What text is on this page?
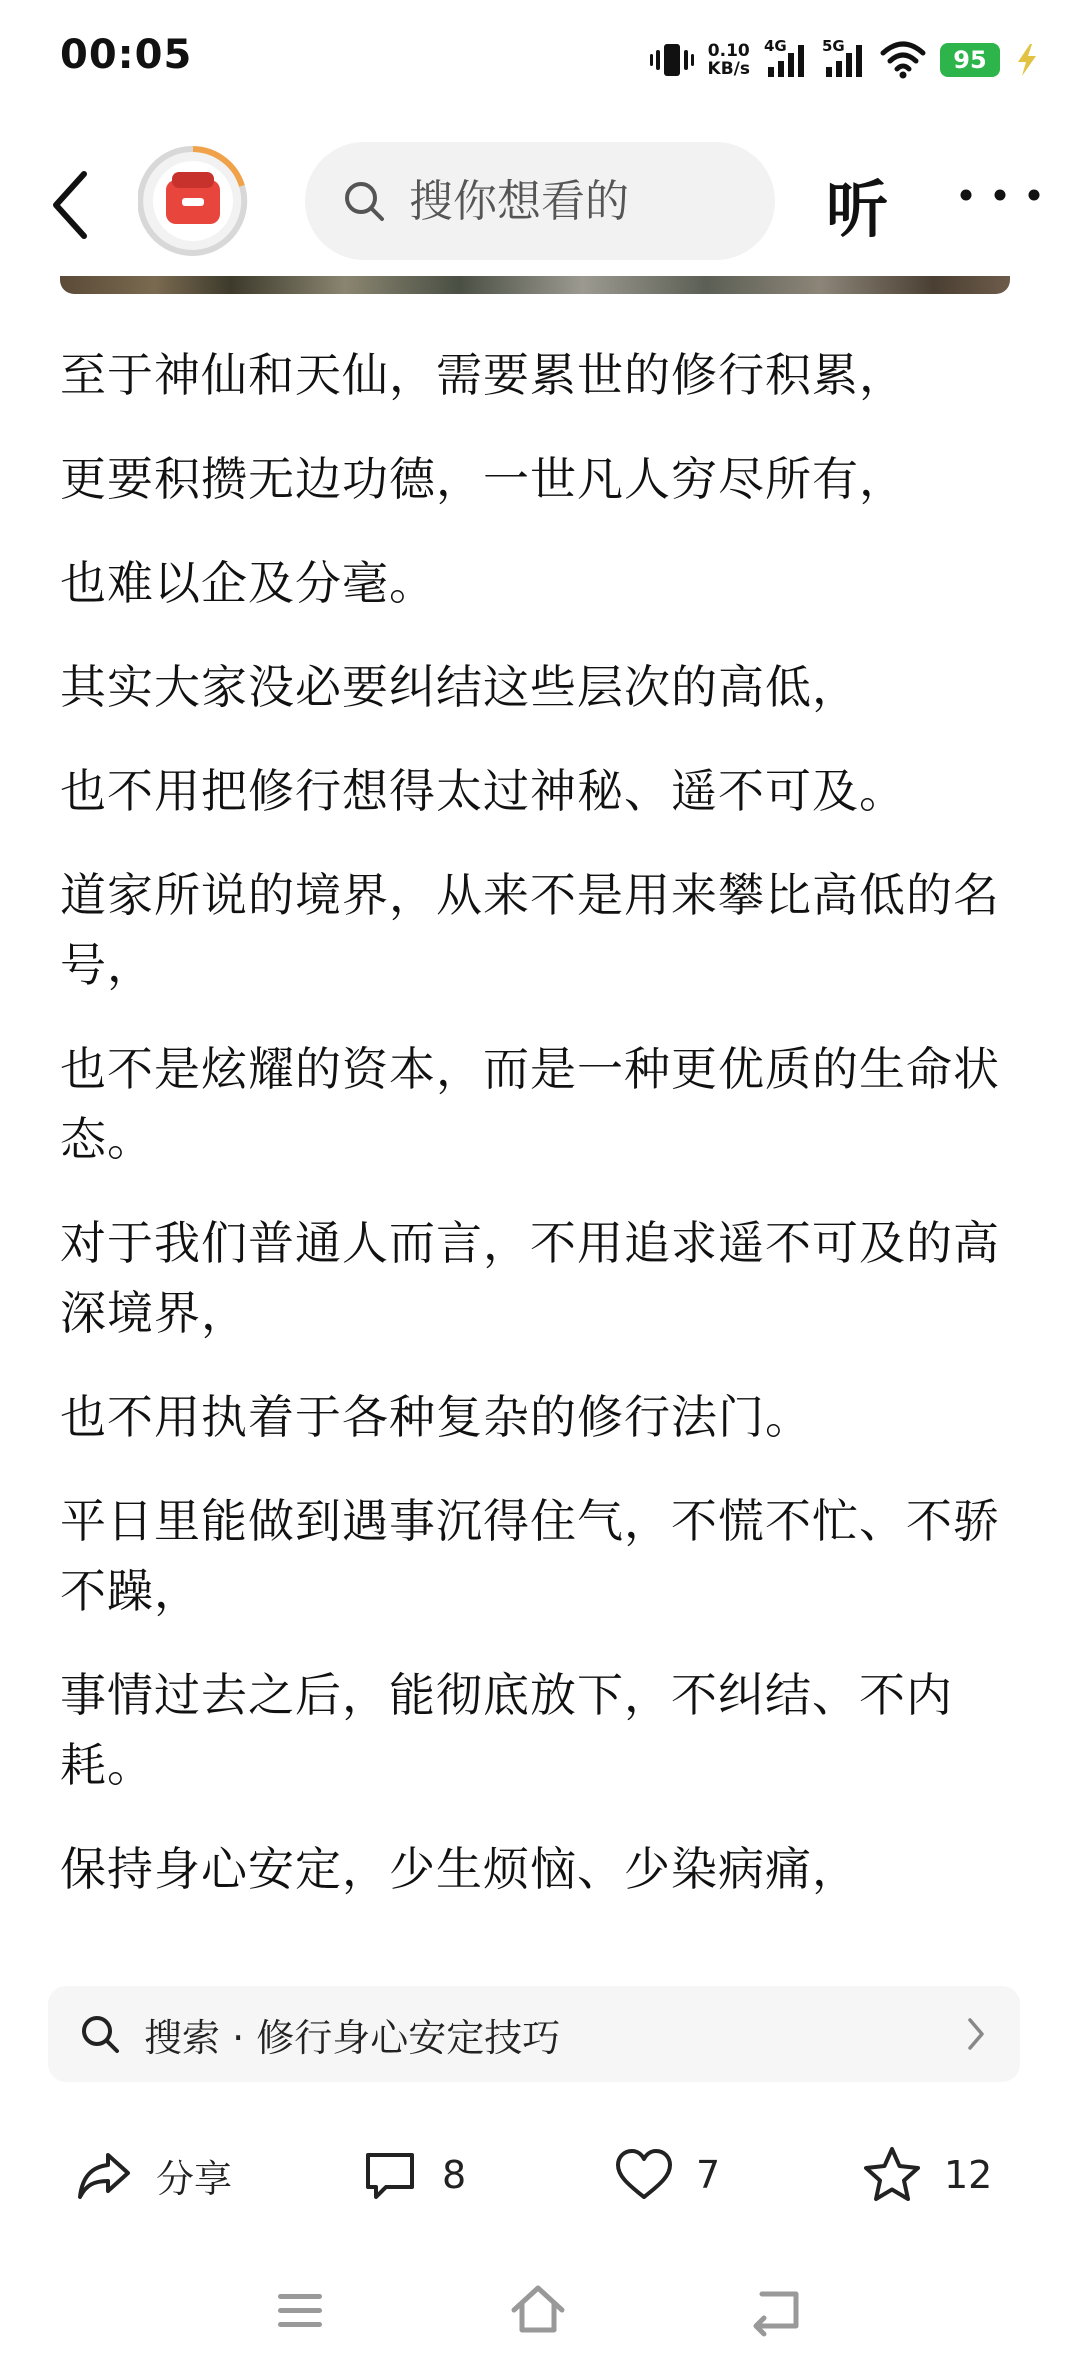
00:05	0.10
KB/s
4G 5G	95
搜你想看的
听

至于神仙和天仙，需要累世的修行积累，

更要积攒无边功德，一世凡人穷尽所有，

也难以企及分毫。

其实大家没必要纠结这些层次的高低，

也不用把修行想得太过神秘、遥不可及。

道家所说的境界，从来不是用来攀比高低的名号，

也不是炫耀的资本，而是一种更优质的生命状态。

对于我们普通人而言，不用追求遥不可及的高深境界，

也不用执着于各种复杂的修行法门。

平日里能做到遇事沉得住气，不慌不忙、不骄不躁，

事情过去之后，能彻底放下，不纠结、不内耗。

保持身心安定，少生烦恼、少染病痛，

搜索 · 修行身心安定技巧
分享	8	7	12
